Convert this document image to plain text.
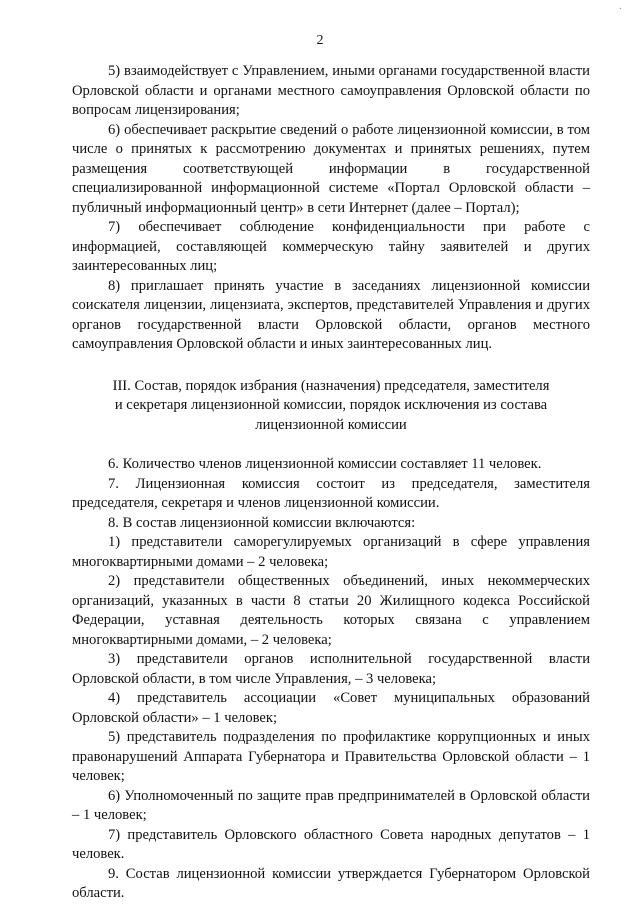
·
2

5) взаимодействует с Управлением, иными органами государственной власти Орловской области и органами местного самоуправления Орловской области по вопросам лицензирования;

6) обеспечивает раскрытие сведений о работе лицензионной комиссии, в том числе о принятых к рассмотрению документах и принятых решениях, путем размещения соответствующей информации в государственной специализированной информационной системе «Портал Орловской области – публичный информационный центр» в сети Интернет (далее – Портал);

7) обеспечивает соблюдение конфиденциальности при работе с информацией, составляющей коммерческую тайну заявителей и других заинтересованных лиц;

8) приглашает принять участие в заседаниях лицензионной комиссии соискателя лицензии, лицензиата, экспертов, представителей Управления и других органов государственной власти Орловской области, органов местного самоуправления Орловской области и иных заинтересованных лиц.

III. Состав, порядок избрания (назначения) председателя, заместителя
и секретаря лицензионной комиссии, порядок исключения из состава
лицензионной комиссии

6. Количество членов лицензионной комиссии составляет 11 человек.

7. Лицензионная комиссия состоит из председателя, заместителя председателя, секретаря и членов лицензионной комиссии.

8. В состав лицензионной комиссии включаются:

1) представители саморегулируемых организаций в сфере управления многоквартирными домами – 2 человека;

2) представители общественных объединений, иных некоммерческих организаций, указанных в части 8 статьи 20 Жилищного кодекса Российской Федерации, уставная деятельность которых связана с управлением многоквартирными домами, – 2 человека;

3) представители органов исполнительной государственной власти Орловской области, в том числе Управления, – 3 человека;

4) представитель ассоциации «Совет муниципальных образований Орловской области» – 1 человек;

5) представитель подразделения по профилактике коррупционных и иных правонарушений Аппарата Губернатора и Правительства Орловской области – 1 человек;

6) Уполномоченный по защите прав предпринимателей в Орловской области – 1 человек;

7) представитель Орловского областного Совета народных депутатов – 1 человек.

9. Состав лицензионной комиссии утверждается Губернатором Орловской области.
